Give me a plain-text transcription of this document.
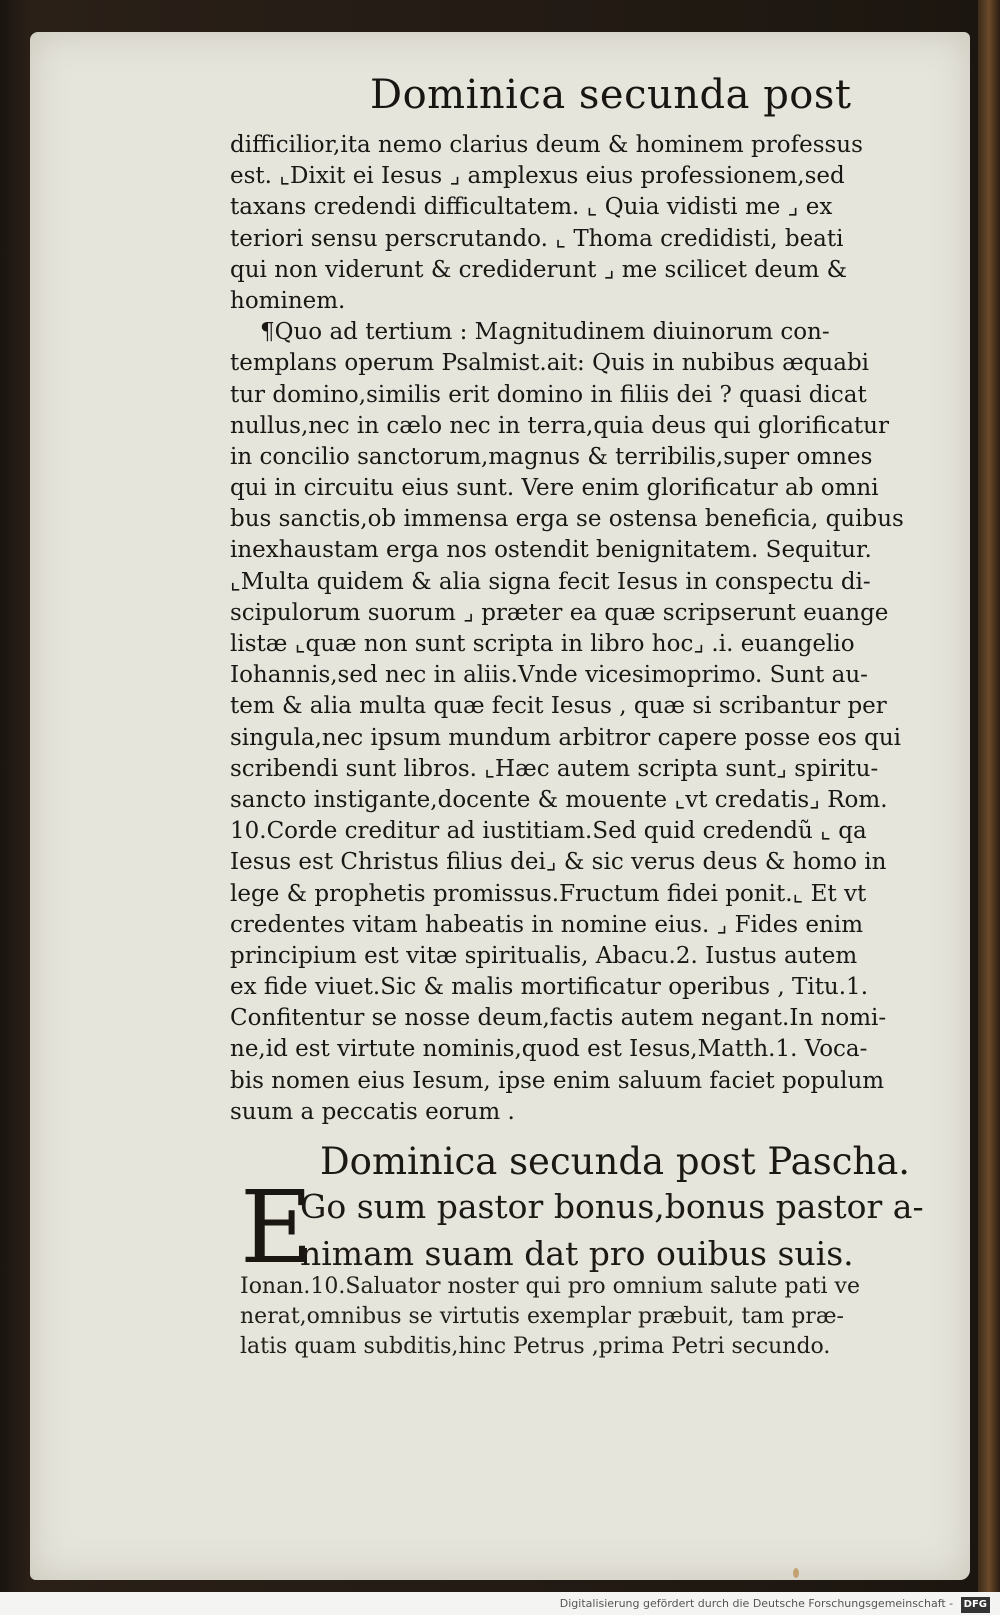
Dominica secunda post
difficilior,ita nemo clarius deum & hominem professus
est. ⌞Dixit ei Iesus ⌟ amplexus eius professionem,sed
taxans credendi difficultatem. ⌞ Quia vidisti me ⌟ ex
teriori sensu perscrutando. ⌞ Thoma credidisti, beati
qui non viderunt & crediderunt ⌟ me scilicet deum &
hominem.
¶Quo ad tertium : Magnitudinem diuinorum con-
templans operum Psalmist.ait: Quis in nubibus æquabi
tur domino,similis erit domino in filiis dei ? quasi dicat
nullus,nec in cælo nec in terra,quia deus qui glorificatur
in concilio sanctorum,magnus & terribilis,super omnes
qui in circuitu eius sunt. Vere enim glorificatur ab omni
bus sanctis,ob immensa erga se ostensa beneficia, quibus
inexhaustam erga nos ostendit benignitatem. Sequitur.
⌞Multa quidem & alia signa fecit Iesus in conspectu di-
scipulorum suorum ⌟ præter ea quæ scripserunt euange
listæ ⌞quæ non sunt scripta in libro hoc⌟ .i. euangelio
Iohannis,sed nec in aliis.Vnde vicesimoprimo. Sunt au-
tem & alia multa quæ fecit Iesus , quæ si scribantur per
singula,nec ipsum mundum arbitror capere posse eos qui
scribendi sunt libros. ⌞Hæc autem scripta sunt⌟ spiritu-
sancto instigante,docente & mouente ⌞vt credatis⌟ Rom.
10.Corde creditur ad iustitiam.Sed quid credendũ ⌞ qa
Iesus est Christus filius dei⌟ & sic verus deus & homo in
lege & prophetis promissus.Fructum fidei ponit.⌞ Et vt
credentes vitam habeatis in nomine eius. ⌟ Fides enim
principium est vitæ spiritualis, Abacu.2. Iustus autem
ex fide viuet.Sic & malis mortificatur operibus , Titu.1.
Confitentur se nosse deum,factis autem negant.In nomi-
ne,id est virtute nominis,quod est Iesus,Matth.1. Voca-
bis nomen eius Iesum, ipse enim saluum faciet populum
suum a peccatis eorum .
Dominica secunda post Pascha.
E
Go sum pastor bonus,bonus pastor a-
nimam suam dat pro ouibus suis.
Ionan.10.Saluator noster qui pro omnium salute pati ve
nerat,omnibus se virtutis exemplar præbuit, tam præ-
latis quam subditis,hinc Petrus ,prima Petri secundo.
Digitalisierung gefördert durch die Deutsche Forschungsgemeinschaft - DFG
